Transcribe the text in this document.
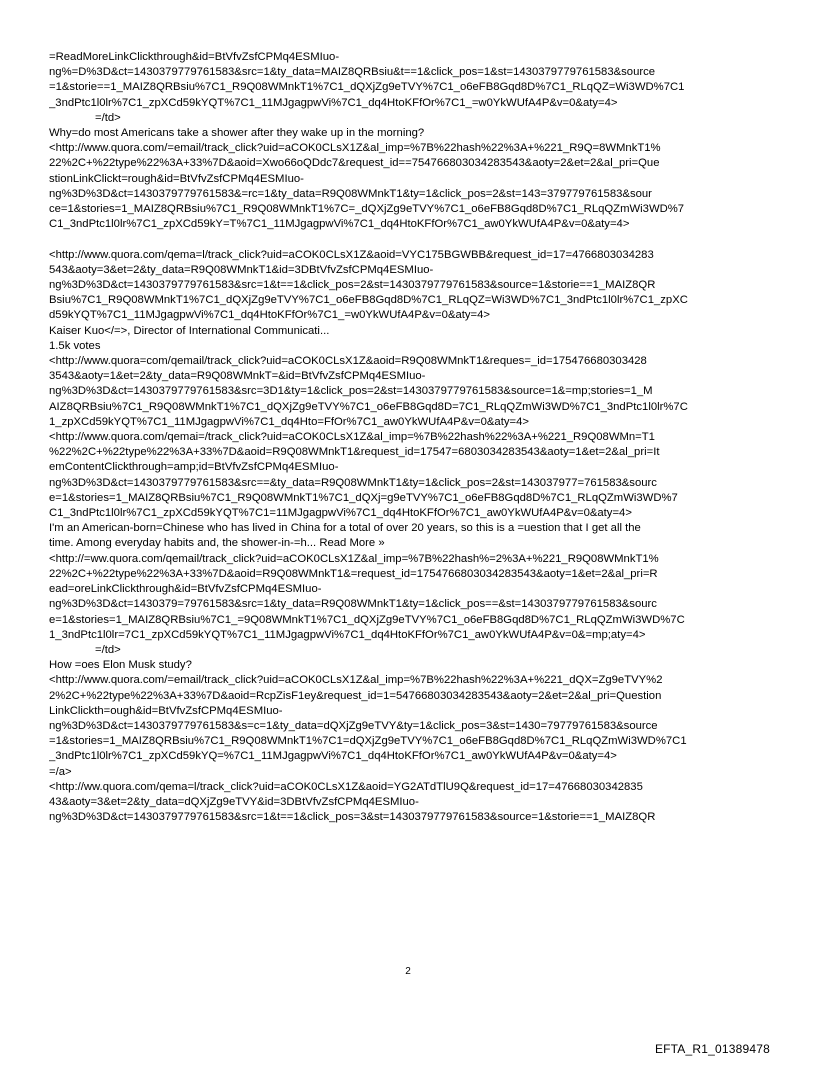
=ReadMoreLinkClickthrough&id=BtVfvZsfCPMq4ESMIuo-
ng%=D%3D&ct=1430379779761583&src=1&ty_data=MAIZ8QRBsiu&t==1&click_pos=1&st=1430379779761583&source
=1&storie==1_MAIZ8QRBsiu%7C1_R9Q08WMnkT1%7C1_dQXjZg9eTVY%7C1_o6eFB8Gqd8D%7C1_RLqQZ=Wi3WD%7C1
_3ndPtc1l0lr%7C1_zpXCd59kYQT%7C1_11MJgagpwVi%7C1_dq4HtoKFfOr%7C1_=w0YkWUfA4P&v=0&aty=4>
=/td>
Why=do most Americans take a shower after they wake up in the morning?
<http://www.quora.com/=email/track_click?uid=aCOK0CLsX1Z&al_imp=%7B%22hash%22%3A+%221_R9Q=8WMnkT1%
22%2C+%22type%22%3A+33%7D&aoid=Xwo66oQDdc7&request_id==754766803034283543&aoty=2&et=2&al_pri=Que
stionLinkClickt=rough&id=BtVfvZsfCPMq4ESMIuo-
ng%3D%3D&ct=1430379779761583&=rc=1&ty_data=R9Q08WMnkT1&ty=1&click_pos=2&st=143=379779761583&sour
ce=1&stories=1_MAIZ8QRBsiu%7C1_R9Q08WMnkT1%7C=_dQXjZg9eTVY%7C1_o6eFB8Gqd8D%7C1_RLqQZmWi3WD%7
C1_3ndPtc1l0lr%7C1_zpXCd59kY=T%7C1_11MJgagpwVi%7C1_dq4HtoKFfOr%7C1_aw0YkWUfA4P&v=0&aty=4>
<http://www.quora.com/qema=l/track_click?uid=aCOK0CLsX1Z&aoid=VYC175BGWBB&request_id=17=4766803034283
543&aoty=3&et=2&ty_data=R9Q08WMnkT1&id=3DBtVfvZsfCPMq4ESMIuo-
ng%3D%3D&ct=1430379779761583&src=1&t==1&click_pos=2&st=1430379779761583&source=1&storie==1_MAIZ8QR
Bsiu%7C1_R9Q08WMnkT1%7C1_dQXjZg9eTVY%7C1_o6eFB8Gqd8D%7C1_RLqQZ=Wi3WD%7C1_3ndPtc1l0lr%7C1_zpXC
d59kYQT%7C1_11MJgagpwVi%7C1_dq4HtoKFfOr%7C1_=w0YkWUfA4P&v=0&aty=4>
Kaiser Kuo</=>, Director of International Communicati...
1.5k votes
<http://www.quora=com/qemail/track_click?uid=aCOK0CLsX1Z&aoid=R9Q08WMnkT1&reques=_id=175476680303428
3543&aoty=1&et=2&ty_data=R9Q08WMnkT=&id=BtVfvZsfCPMq4ESMIuo-
ng%3D%3D&ct=1430379779761583&src=3D1&ty=1&click_pos=2&st=1430379779761583&source=1&=mp;stories=1_M
AIZ8QRBsiu%7C1_R9Q08WMnkT1%7C1_dQXjZg9eTVY%7C1_o6eFB8Gqd8D=7C1_RLqQZmWi3WD%7C1_3ndPtc1l0lr%7C
1_zpXCd59kYQT%7C1_11MJgagpwVi%7C1_dq4Hto=FfOr%7C1_aw0YkWUfA4P&v=0&aty=4>
<http://www.quora.com/qemai=/track_click?uid=aCOK0CLsX1Z&al_imp=%7B%22hash%22%3A+%221_R9Q08WMn=T1
%22%2C+%22type%22%3A+33%7D&aoid=R9Q08WMnkT1&request_id=17547=6803034283543&aoty=1&et=2&al_pri=It
emContentClickthrough=amp;id=BtVfvZsfCPMq4ESMIuo-
ng%3D%3D&ct=1430379779761583&src==&ty_data=R9Q08WMnkT1&ty=1&click_pos=2&st=143037977=761583&sourc
e=1&stories=1_MAIZ8QRBsiu%7C1_R9Q08WMnkT1%7C1_dQXj=g9eTVY%7C1_o6eFB8Gqd8D%7C1_RLqQZmWi3WD%7
C1_3ndPtc1l0lr%7C1_zpXCd59kYQT%7C1=11MJgagpwVi%7C1_dq4HtoKFfOr%7C1_aw0YkWUfA4P&v=0&aty=4>
I'm an American-born=Chinese who has lived in China for a total of over 20 years, so this is a =uestion that I get all the
time. Among everyday habits and, the shower-in-=h... Read More »
<http://=ww.quora.com/qemail/track_click?uid=aCOK0CLsX1Z&al_imp=%7B%22hash%=2%3A+%221_R9Q08WMnkT1%
22%2C+%22type%22%3A+33%7D&aoid=R9Q08WMnkT1&=request_id=1754766803034283543&aoty=1&et=2&al_pri=R
ead=oreLinkClickthrough&id=BtVfvZsfCPMq4ESMIuo-
ng%3D%3D&ct=1430379=79761583&src=1&ty_data=R9Q08WMnkT1&ty=1&click_pos==&st=1430379779761583&sourc
e=1&stories=1_MAIZ8QRBsiu%7C1_=9Q08WMnkT1%7C1_dQXjZg9eTVY%7C1_o6eFB8Gqd8D%7C1_RLqQZmWi3WD%7C
1_3ndPtc1l0lr=7C1_zpXCd59kYQT%7C1_11MJgagpwVi%7C1_dq4HtoKFfOr%7C1_aw0YkWUfA4P&v=0&=mp;aty=4>
=/td>
How =oes Elon Musk study?
<http://www.quora.com/=email/track_click?uid=aCOK0CLsX1Z&al_imp=%7B%22hash%22%3A+%221_dQX=Zg9eTVY%2
2%2C+%22type%22%3A+33%7D&aoid=RcpZisF1ey&request_id=1=54766803034283543&aoty=2&et=2&al_pri=Question
LinkClickth=ough&id=BtVfvZsfCPMq4ESMIuo-
ng%3D%3D&ct=1430379779761583&s=c=1&ty_data=dQXjZg9eTVY&ty=1&click_pos=3&st=1430=79779761583&source
=1&stories=1_MAIZ8QRBsiu%7C1_R9Q08WMnkT1%7C1=dQXjZg9eTVY%7C1_o6eFB8Gqd8D%7C1_RLqQZmWi3WD%7C1
_3ndPtc1l0lr%7C1_zpXCd59kYQ=%7C1_11MJgagpwVi%7C1_dq4HtoKFfOr%7C1_aw0YkWUfA4P&v=0&aty=4>
=/a>
<http://ww.quora.com/qema=l/track_click?uid=aCOK0CLsX1Z&aoid=YG2ATdTlU9Q&request_id=17=47668030342835
43&aoty=3&et=2&ty_data=dQXjZg9eTVY&id=3DBtVfvZsfCPMq4ESMIuo-
ng%3D%3D&ct=1430379779761583&src=1&t==1&click_pos=3&st=1430379779761583&source=1&storie==1_MAIZ8QR
2
EFTA_R1_01389478
